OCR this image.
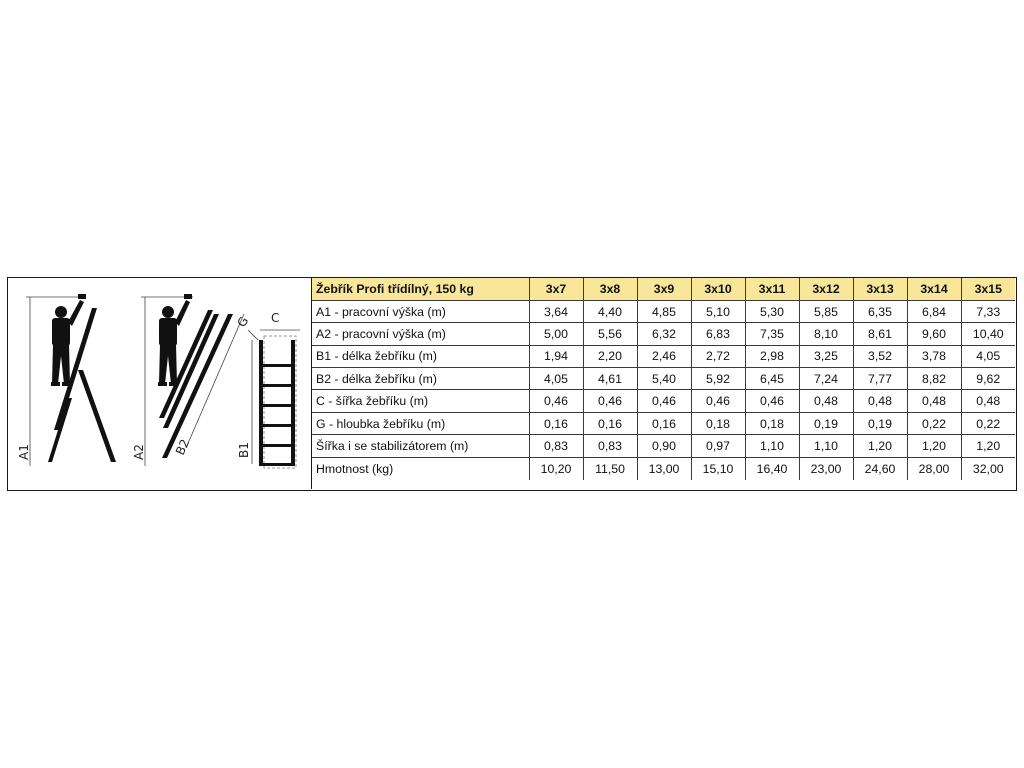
A1	A2 B2
G C
B1
Žebřík Profi třídílný, 150 kg	3x7	3x8	3x9	3x10	3x11	3x12	3x13	3x14	3x15
A1 - pracovní výška (m)	3,64	4,40	4,85	5,10	5,30	5,85	6,35	6,84	7,33
A2 - pracovní výška (m)	5,00	5,56	6,32	6,83	7,35	8,10	8,61	9,60	10,40
B1 - délka žebříku (m)	1,94	2,20	2,46	2,72	2,98	3,25	3,52	3,78	4,05
B2 - délka žebříku (m)	4,05	4,61	5,40	5,92	6,45	7,24	7,77	8,82	9,62
C - šířka žebříku (m)	0,46	0,46	0,46	0,46	0,46	0,48	0,48	0,48	0,48
G - hloubka žebříku (m)	0,16	0,16	0,16	0,18	0,18	0,19	0,19	0,22	0,22
Šířka i se stabilizátorem (m)	0,83	0,83	0,90	0,97	1,10	1,10	1,20	1,20	1,20
Hmotnost (kg)	10,20	11,50	13,00	15,10	16,40	23,00	24,60	28,00	32,00
